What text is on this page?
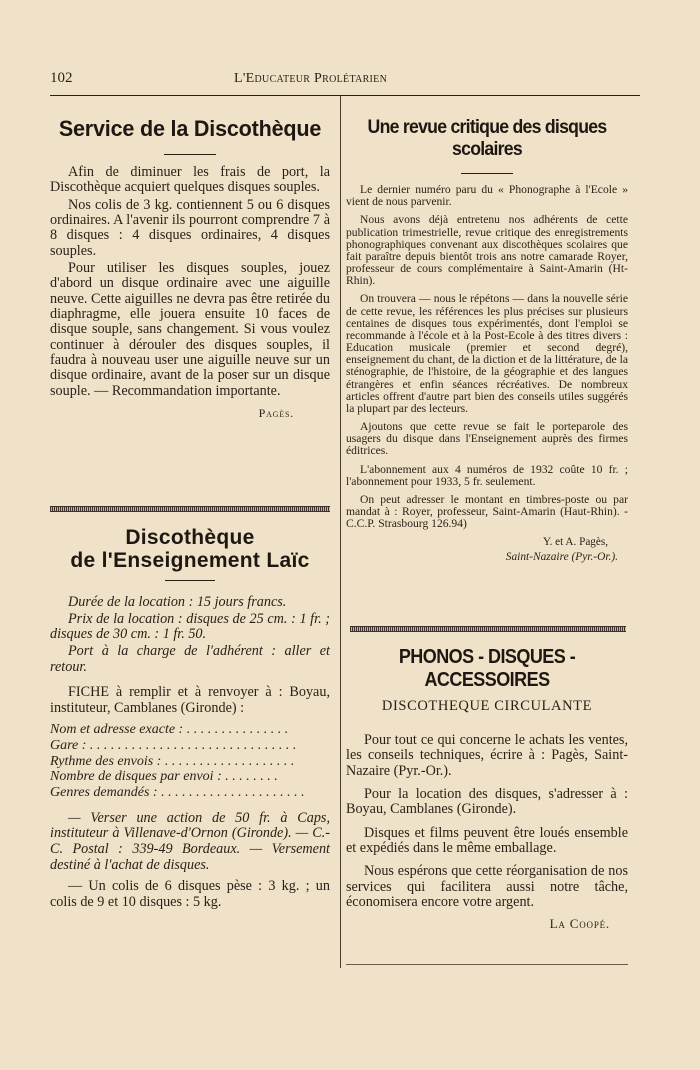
102	L'Educateur Prolétarien
Service de la Discothèque

Afin de diminuer les frais de port, la Discothèque acquiert quelques disques souples.

Nos colis de 3 kg. contiennent 5 ou 6 disques ordinaires. A l'avenir ils pourront comprendre 7 à 8 disques : 4 disques ordinaires, 4 disques souples.

Pour utiliser les disques souples, jouez d'abord un disque ordinaire avec une aiguille neuve. Cette aiguilles ne devra pas être retirée du diaphragme, elle jouera ensuite 10 faces de disque souple, sans changement. Si vous voulez continuer à dérouler des disques souples, il faudra à nouveau user une aiguille neuve sur un disque ordinaire, avant de la poser sur un disque souple. — Recommandation importante.

Pagès.
Discothèque
de l'Enseignement Laïc

Durée de la location : 15 jours francs.

Prix de la location : disques de 25 cm. : 1 fr. ; disques de 30 cm. : 1 fr. 50.

Port à la charge de l'adhérent : aller et retour.

FICHE à remplir et à renvoyer à : Boyau, instituteur, Camblanes (Gironde) :

Nom et adresse exacte : . . . . . . . . . . . . . . .
Gare : . . . . . . . . . . . . . . . . . . . . . . . . . . . . . .
Rythme des envois : . . . . . . . . . . . . . . . . . . .
Nombre de disques par envoi : . . . . . . . .
Genres demandés : . . . . . . . . . . . . . . . . . . . . .

— Verser une action de 50 fr. à Caps, instituteur à Villenave-d'Ornon (Gironde). — C.-C. Postal : 339-49 Bordeaux. — Versement destiné à l'achat de disques.

— Un colis de 6 disques pèse : 3 kg. ; un colis de 9 et 10 disques : 5 kg.

Une revue critique des disques scolaires

Le dernier numéro paru du « Phonographe à l'Ecole » vient de nous parvenir.

Nous avons déjà entretenu nos adhérents de cette publication trimestrielle, revue critique des enregistrements phonographiques convenant aux discothèques scolaires que fait paraître depuis bientôt trois ans notre camarade Royer, professeur de cours complémentaire à Saint-Amarin (Ht-Rhin).

On trouvera — nous le répétons — dans la nouvelle série de cette revue, les références les plus précises sur plusieurs centaines de disques tous expérimentés, dont l'emploi se recommande à l'école et à la Post-Ecole à des titres divers : Education musicale (premier et second degré), enseignement du chant, de la diction et de la littérature, de la sténographie, de l'histoire, de la géographie et des langues étrangères et enfin séances récréatives. De nombreux articles offrent d'autre part bien des conseils utiles suggérés la plupart par des lecteurs.

Ajoutons que cette revue se fait le porteparole des usagers du disque dans l'Enseignement auprès des firmes éditrices.

L'abonnement aux 4 numéros de 1932 coûte 10 fr. ; l'abonnement pour 1933, 5 fr. seulement.

On peut adresser le montant en timbres-poste ou par mandat à : Royer, professeur, Saint-Amarin (Haut-Rhin). - C.C.P. Strasbourg 126.94)

Y. et A. Pagès,
Saint-Nazaire (Pyr.-Or.).
PHONOS - DISQUES - ACCESSOIRES
DISCOTHEQUE CIRCULANTE

Pour tout ce qui concerne le achats les ventes, les conseils techniques, écrire à : Pagès, Saint-Nazaire (Pyr.-Or.).

Pour la location des disques, s'adresser à : Boyau, Camblanes (Gironde).

Disques et films peuvent être loués ensemble et expédiés dans le même emballage.

Nous espérons que cette réorganisation de nos services qui facilitera aussi notre tâche, économisera encore votre argent.

La Coopé.
